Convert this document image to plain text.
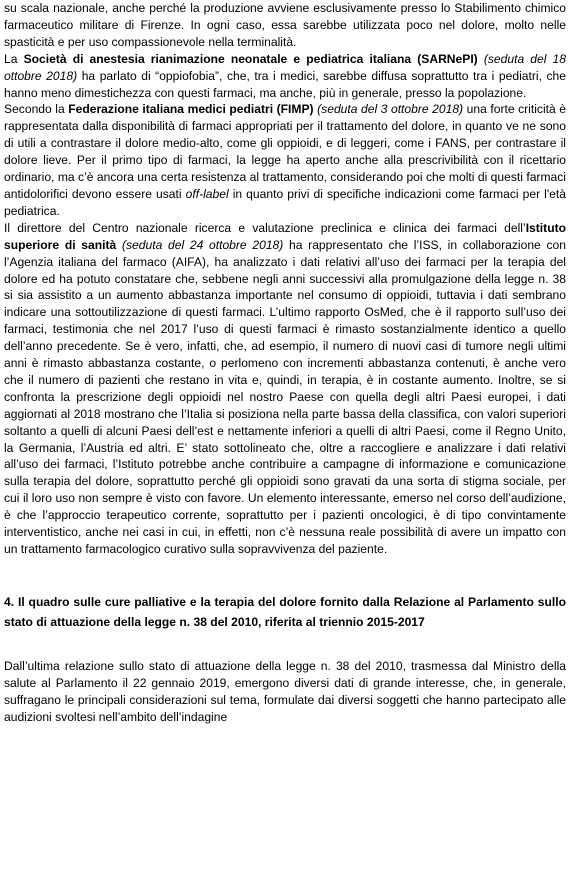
su scala nazionale, anche perché la produzione avviene esclusivamente presso lo Stabilimento chimico farmaceutico militare di Firenze. In ogni caso, essa sarebbe utilizzata poco nel dolore, molto nelle spasticità e per uso compassionevole nella terminalità.

La Società di anestesia rianimazione neonatale e pediatrica italiana (SARNePI) (seduta del 18 ottobre 2018) ha parlato di “oppiofobia”, che, tra i medici, sarebbe diffusa soprattutto tra i pediatri, che hanno meno dimestichezza con questi farmaci, ma anche, più in generale, presso la popolazione.

Secondo la Federazione italiana medici pediatri (FIMP) (seduta del 3 ottobre 2018) una forte criticità è rappresentata dalla disponibilità di farmaci appropriati per il trattamento del dolore, in quanto ve ne sono di utili a contrastare il dolore medio-alto, come gli oppioidi, e di leggeri, come i FANS, per contrastare il dolore lieve. Per il primo tipo di farmaci, la legge ha aperto anche alla prescrivibilità con il ricettario ordinario, ma c’è ancora una certa resistenza al trattamento, considerando poi che molti di questi farmaci antidolorifici devono essere usati off-label in quanto privi di specifiche indicazioni come farmaci per l'età pediatrica.

Il direttore del Centro nazionale ricerca e valutazione preclinica e clinica dei farmaci dell’Istituto superiore di sanità (seduta del 24 ottobre 2018) ha rappresentato che l’ISS, in collaborazione con l’Agenzia italiana del farmaco (AIFA), ha analizzato i dati relativi all’uso dei farmaci per la terapia del dolore ed ha potuto constatare che, sebbene negli anni successivi alla promulgazione della legge n. 38 si sia assistito a un aumento abbastanza importante nel consumo di oppioidi, tuttavia i dati sembrano indicare una sottoutilizzazione di questi farmaci. L’ultimo rapporto OsMed, che è il rapporto sull’uso dei farmaci, testimonia che nel 2017 l’uso di questi farmaci è rimasto sostanzialmente identico a quello dell’anno precedente. Se è vero, infatti, che, ad esempio, il numero di nuovi casi di tumore negli ultimi anni è rimasto abbastanza costante, o perlomeno con incrementi abbastanza contenuti, è anche vero che il numero di pazienti che restano in vita e, quindi, in terapia, è in costante aumento. Inoltre, se si confronta la prescrizione degli oppioidi nel nostro Paese con quella degli altri Paesi europei, i dati aggiornati al 2018 mostrano che l’Italia si posiziona nella parte bassa della classifica, con valori superiori soltanto a quelli di alcuni Paesi dell’est e nettamente inferiori a quelli di altri Paesi, come il Regno Unito, la Germania, l’Austria ed altri. E’ stato sottolineato che, oltre a raccogliere e analizzare i dati relativi all’uso dei farmaci, l’Istituto potrebbe anche contribuire a campagne di informazione e comunicazione sulla terapia del dolore, soprattutto perché gli oppioidi sono gravati da una sorta di stigma sociale, per cui il loro uso non sempre è visto con favore. Un elemento interessante, emerso nel corso dell’audizione, è che l’approccio terapeutico corrente, soprattutto per i pazienti oncologici, è di tipo convintamente interventistico, anche nei casi in cui, in effetti, non c’è nessuna reale possibilità di avere un impatto con un trattamento farmacologico curativo sulla sopravvivenza del paziente.

4. Il quadro sulle cure palliative e la terapia del dolore fornito dalla Relazione al Parlamento sullo stato di attuazione della legge n. 38 del 2010, riferita al triennio 2015-2017

Dall’ultima relazione sullo stato di attuazione della legge n. 38 del 2010, trasmessa dal Ministro della salute al Parlamento il 22 gennaio 2019, emergono diversi dati di grande interesse, che, in generale, suffragano le principali considerazioni sul tema, formulate dai diversi soggetti che hanno partecipato alle audizioni svoltesi nell’ambito dell’indagine
